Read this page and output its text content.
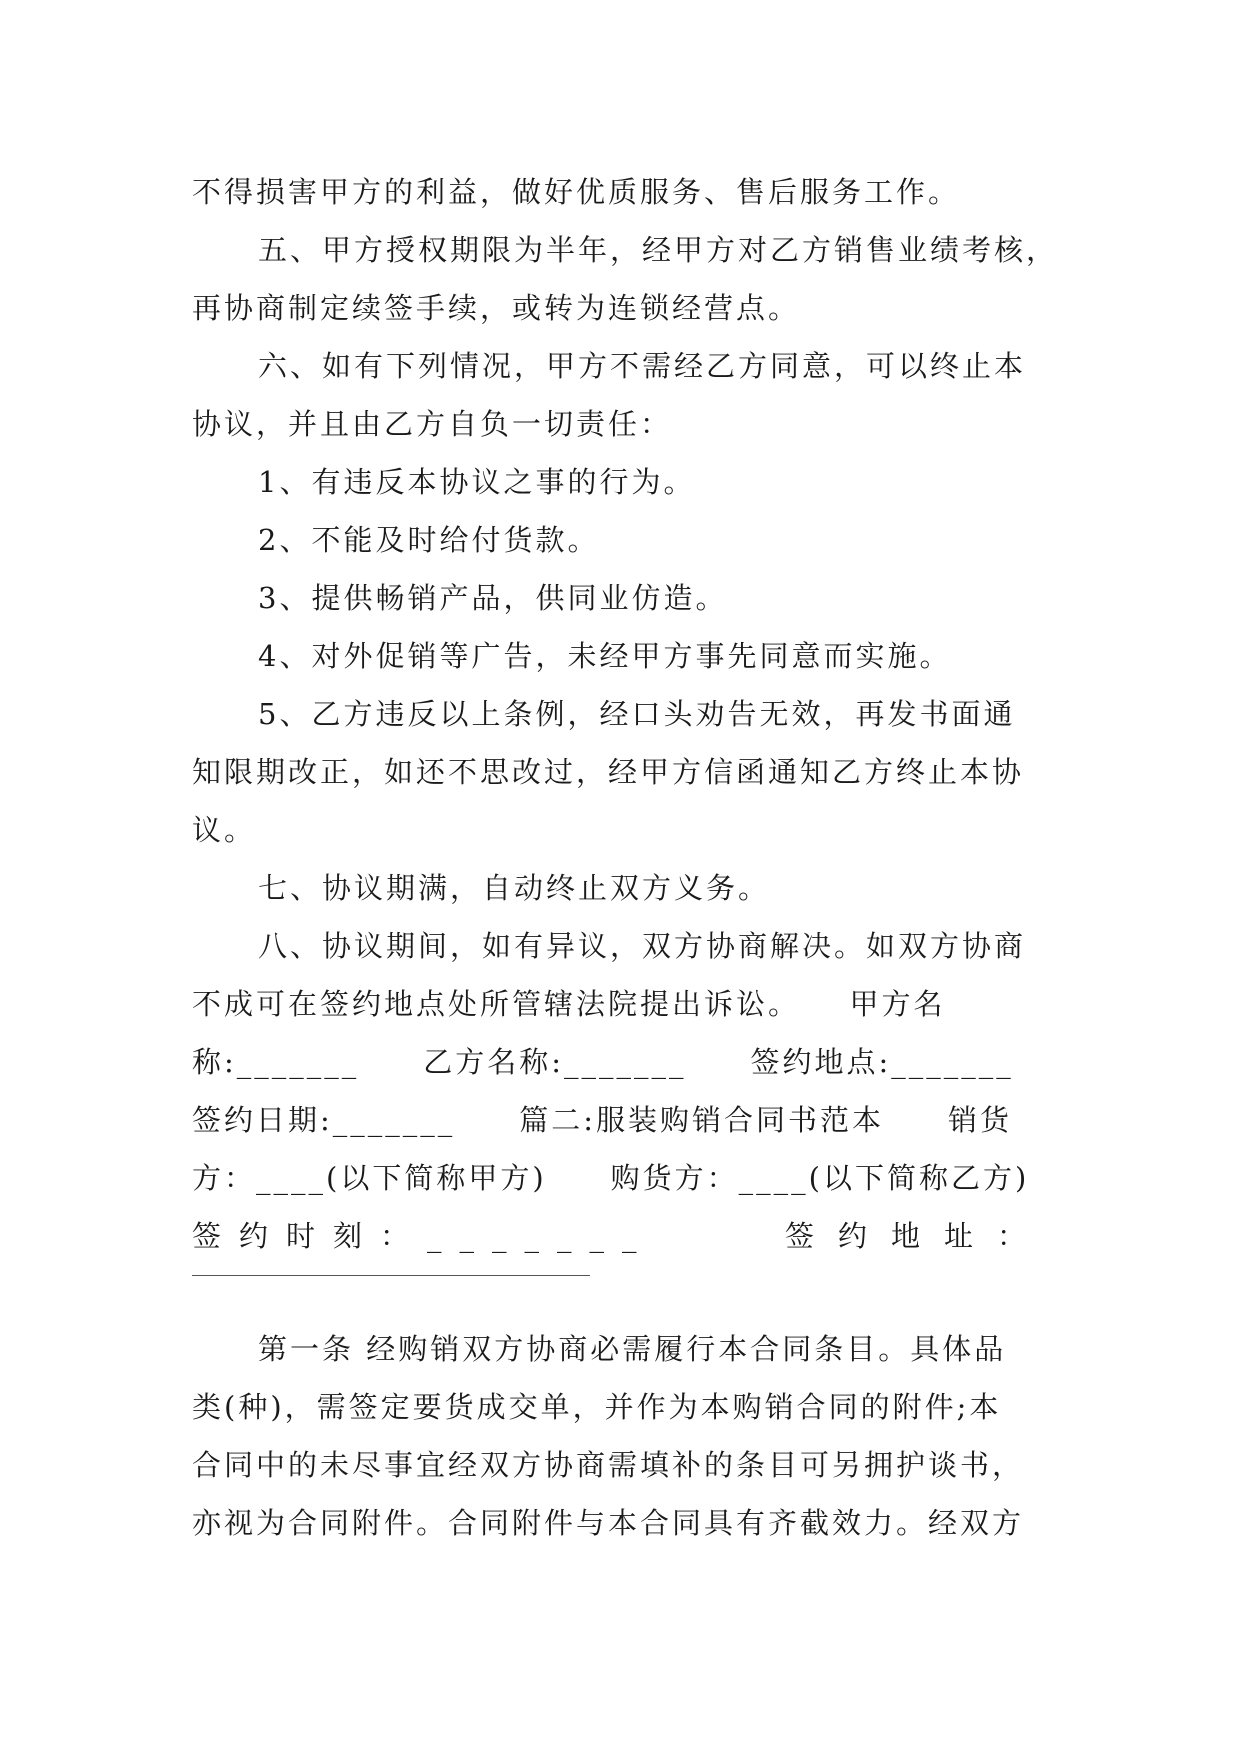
不得损害甲方的利益，做好优质服务、售后服务工作。
五、甲方授权期限为半年，经甲方对乙方销售业绩考核，
再协商制定续签手续，或转为连锁经营点。
六、如有下列情况，甲方不需经乙方同意，可以终止本
协议，并且由乙方自负一切责任：
1、有违反本协议之事的行为。
2、不能及时给付货款。
3、提供畅销产品，供同业仿造。
4、对外促销等广告，未经甲方事先同意而实施。
5、乙方违反以上条例，经口头劝告无效，再发书面通
知限期改正，如还不思改过，经甲方信函通知乙方终止本协
议。
七、协议期满，自动终止双方义务。
八、协议期间，如有异议，双方协商解决。如双方协商
不成可在签约地点处所管辖法院提出诉讼。　　甲方名
称:_______　　乙方名称:_______　　签约地点:_______
签约日期:_______　　篇二:服装购销合同书范本　　销货
方：____(以下简称甲方)　　购货方：____(以下简称乙方)
签约时刻：_______	签约地址：
第一条 经购销双方协商必需履行本合同条目。具体品
类(种)，需签定要货成交单，并作为本购销合同的附件;本
合同中的未尽事宜经双方协商需填补的条目可另拥护谈书，
亦视为合同附件。合同附件与本合同具有齐截效力。经双方
